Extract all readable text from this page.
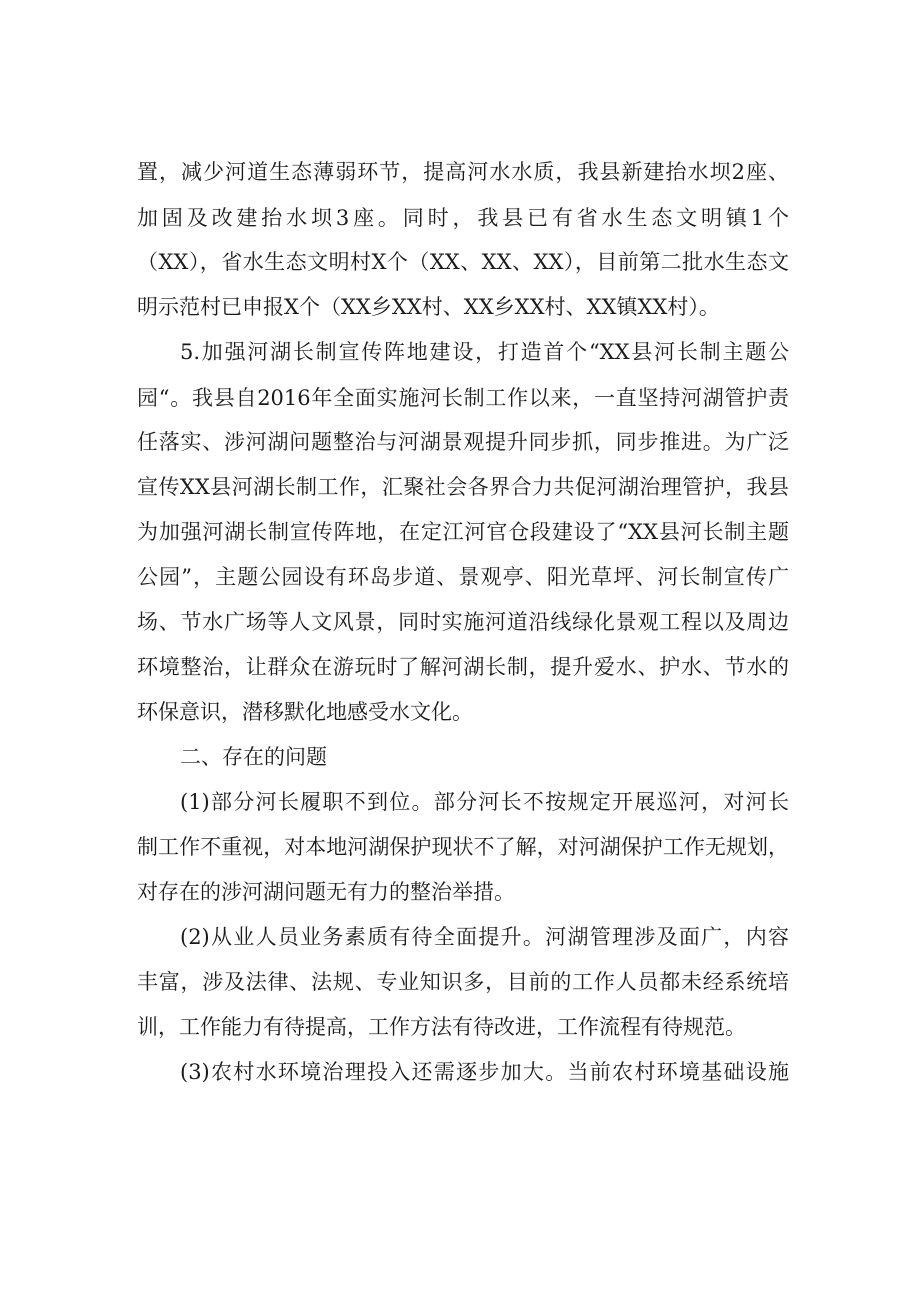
置，减少河道生态薄弱环节，提高河水水质，我县新建抬水坝2座、
加固及改建抬水坝3座。同时，我县已有省水生态文明镇1个
（XX），省水生态文明村X个（XX、XX、XX），目前第二批水生态文
明示范村已申报X个（XX乡XX村、XX乡XX村、XX镇XX村）。
5.加强河湖长制宣传阵地建设，打造首个“XX县河长制主题公
园“。我县自2016年全面实施河长制工作以来，一直坚持河湖管护责
任落实、涉河湖问题整治与河湖景观提升同步抓，同步推进。为广泛
宣传XX县河湖长制工作，汇聚社会各界合力共促河湖治理管护，我县
为加强河湖长制宣传阵地，在定江河官仓段建设了“XX县河长制主题
公园”，主题公园设有环岛步道、景观亭、阳光草坪、河长制宣传广
场、节水广场等人文风景，同时实施河道沿线绿化景观工程以及周边
环境整治，让群众在游玩时了解河湖长制，提升爱水、护水、节水的
环保意识，潜移默化地感受水文化。
二、存在的问题
(1)部分河长履职不到位。部分河长不按规定开展巡河，对河长
制工作不重视，对本地河湖保护现状不了解，对河湖保护工作无规划，
对存在的涉河湖问题无有力的整治举措。
(2)从业人员业务素质有待全面提升。河湖管理涉及面广，内容
丰富，涉及法律、法规、专业知识多，目前的工作人员都未经系统培
训，工作能力有待提高，工作方法有待改进，工作流程有待规范。
(3)农村水环境治理投入还需逐步加大。当前农村环境基础设施
